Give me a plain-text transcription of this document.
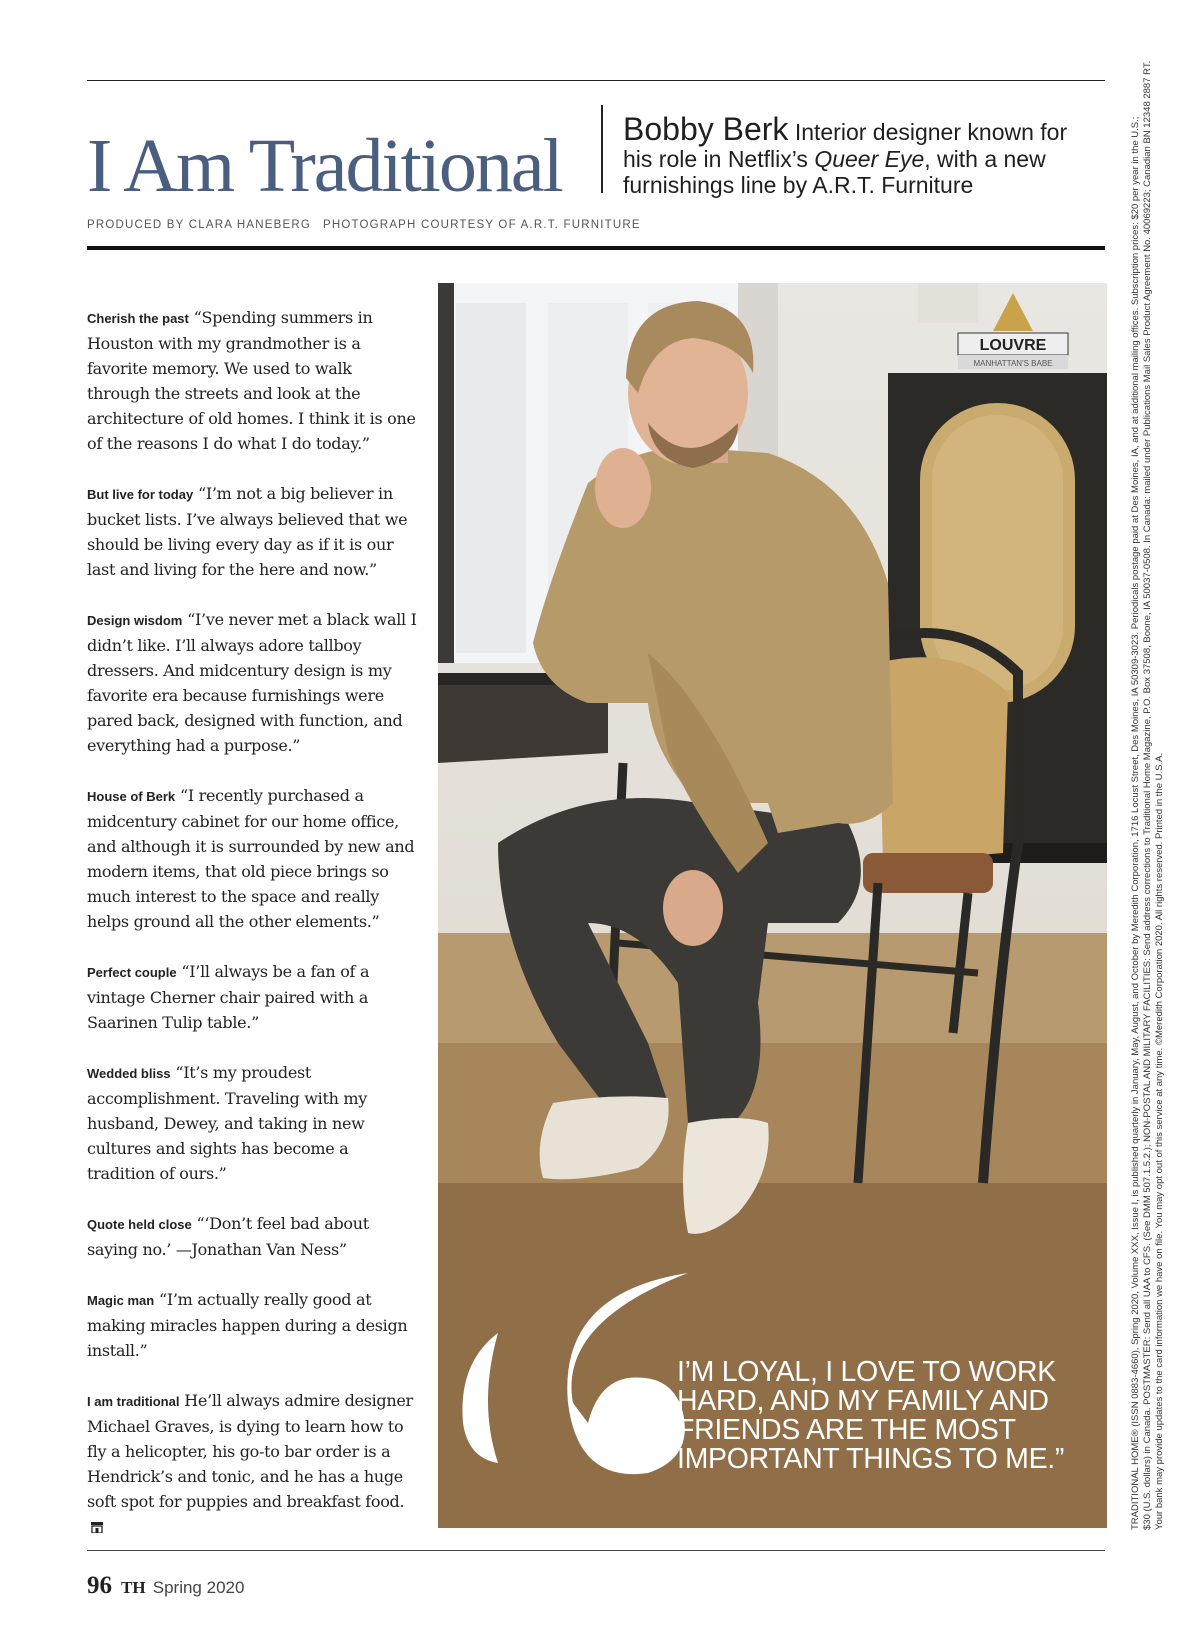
I Am Traditional Bobby Berk Interior designer known for his role in Netflix’s Queer Eye, with a new furnishings line by A.R.T. Furniture
PRODUCED BY CLARA HANEBERG PHOTOGRAPH COURTESY OF A.R.T. FURNITURE

Cherish the past “Spending summers in Houston with my grandmother is a favorite memory. We used to walk through the streets and look at the architecture of old homes. I think it is one of the reasons I do what I do today.”

But live for today “I’m not a big believer in bucket lists. I’ve always believed that we should be living every day as if it is our last and living for the here and now.”

Design wisdom “I’ve never met a black wall I didn’t like. I’ll always adore tallboy dressers. And midcentury design is my favorite era because furnishings were pared back, designed with function, and everything had a purpose.”

House of Berk “I recently purchased a midcentury cabinet for our home office, and although it is surrounded by new and modern items, that old piece brings so much interest to the space and really helps ground all the other elements.”

Perfect couple “I’ll always be a fan of a vintage Cherner chair paired with a Saarinen Tulip table.”

Wedded bliss “It’s my proudest accomplishment. Traveling with my husband, Dewey, and taking in new cultures and sights has become a tradition of ours.”

Quote held close “‘Don’t feel bad about saying no.’ —Jonathan Van Ness”

Magic man “I’m actually really good at making miracles happen during a design install.”

I am traditional He’ll always admire designer Michael Graves, is dying to learn how to fly a helicopter, his go-to bar order is a Hendrick’s and tonic, and he has a huge soft spot for puppies and breakfast food.

LOUVRE
MANHATTAN'S BABE

I’M LOYAL, I LOVE TO WORK HARD, AND MY FAMILY AND FRIENDS ARE THE MOST IMPORTANT THINGS TO ME.”	TRADITIONAL HOME® (ISSN 0883-4660), Spring 2020, Volume XXX, Issue I, is published quarterly in January, May, August, and October by Meredith Corporation, 1716 Locust Street, Des Moines, IA 50309-3023. Periodicals postage paid at Des Moines, IA, and at additional mailing offices. Subscription prices: $20 per year in the U.S.; $30 (U.S. dollars) in Canada. POSTMASTER: Send all UAA to CFS. (See DMM 507.1.5.2.); NON-POSTAL AND MILITARY FACILITIES: Send address corrections to Traditional Home Magazine, P.O. Box 37508, Boone, IA 50037-0508. In Canada: mailed under Publications Mail Sales Product Agreement No. 40069223; Canadian BN 12348 2887 RT. Your bank may provide updates to the card information we have on file. You may opt out of this service at any time. ©Meredith Corporation 2020. All rights reserved. Printed in the U.S.A.

96 TH Spring 2020
